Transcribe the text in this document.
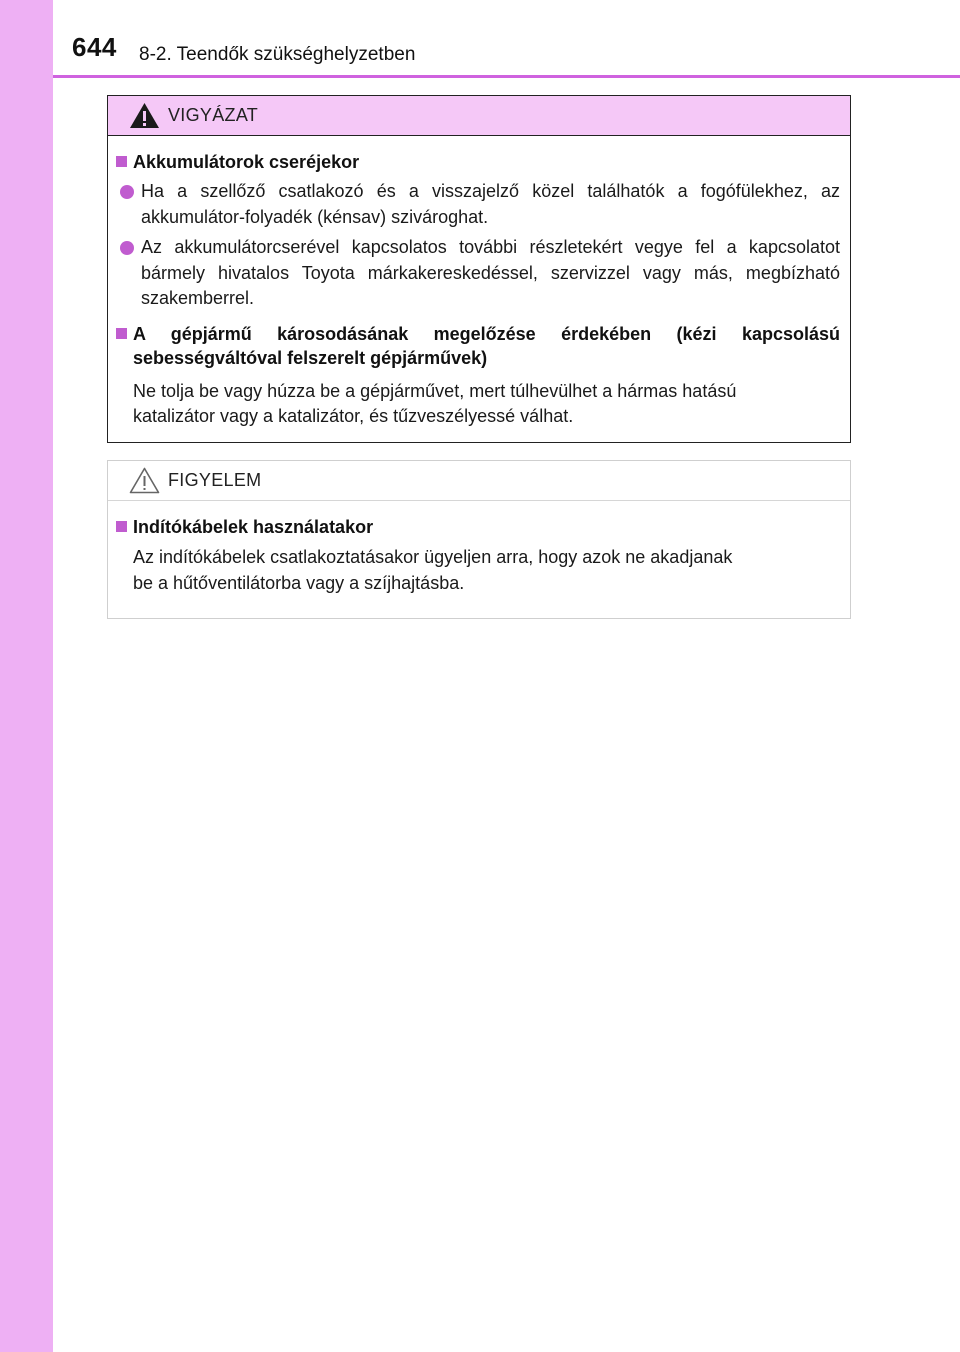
644 8-2. Teendők szükséghelyzetben
VIGYÁZAT
Akkumulátorok cseréjekor
Ha a szellőző csatlakozó és a visszajelző közel találhatók a fogófülekhez, az akkumulátor-folyadék (kénsav) szivároghat.
Az akkumulátorcserével kapcsolatos további részletekért vegye fel a kapcsolatot bármely hivatalos Toyota márkakereskedéssel, szervizzel vagy más, megbízható szakemberrel.
A gépjármű károsodásának megelőzése érdekében (kézi kapcsolású sebességváltóval felszerelt gépjárművek)
Ne tolja be vagy húzza be a gépjárművet, mert túlhevülhet a hármas hatású
katalizátor vagy a katalizátor, és tűzveszélyessé válhat.
FIGYELEM
Indítókábelek használatakor
Az indítókábelek csatlakoztatásakor ügyeljen arra, hogy azok ne akadjanak
be a hűtőventilátorba vagy a szíjhajtásba.
